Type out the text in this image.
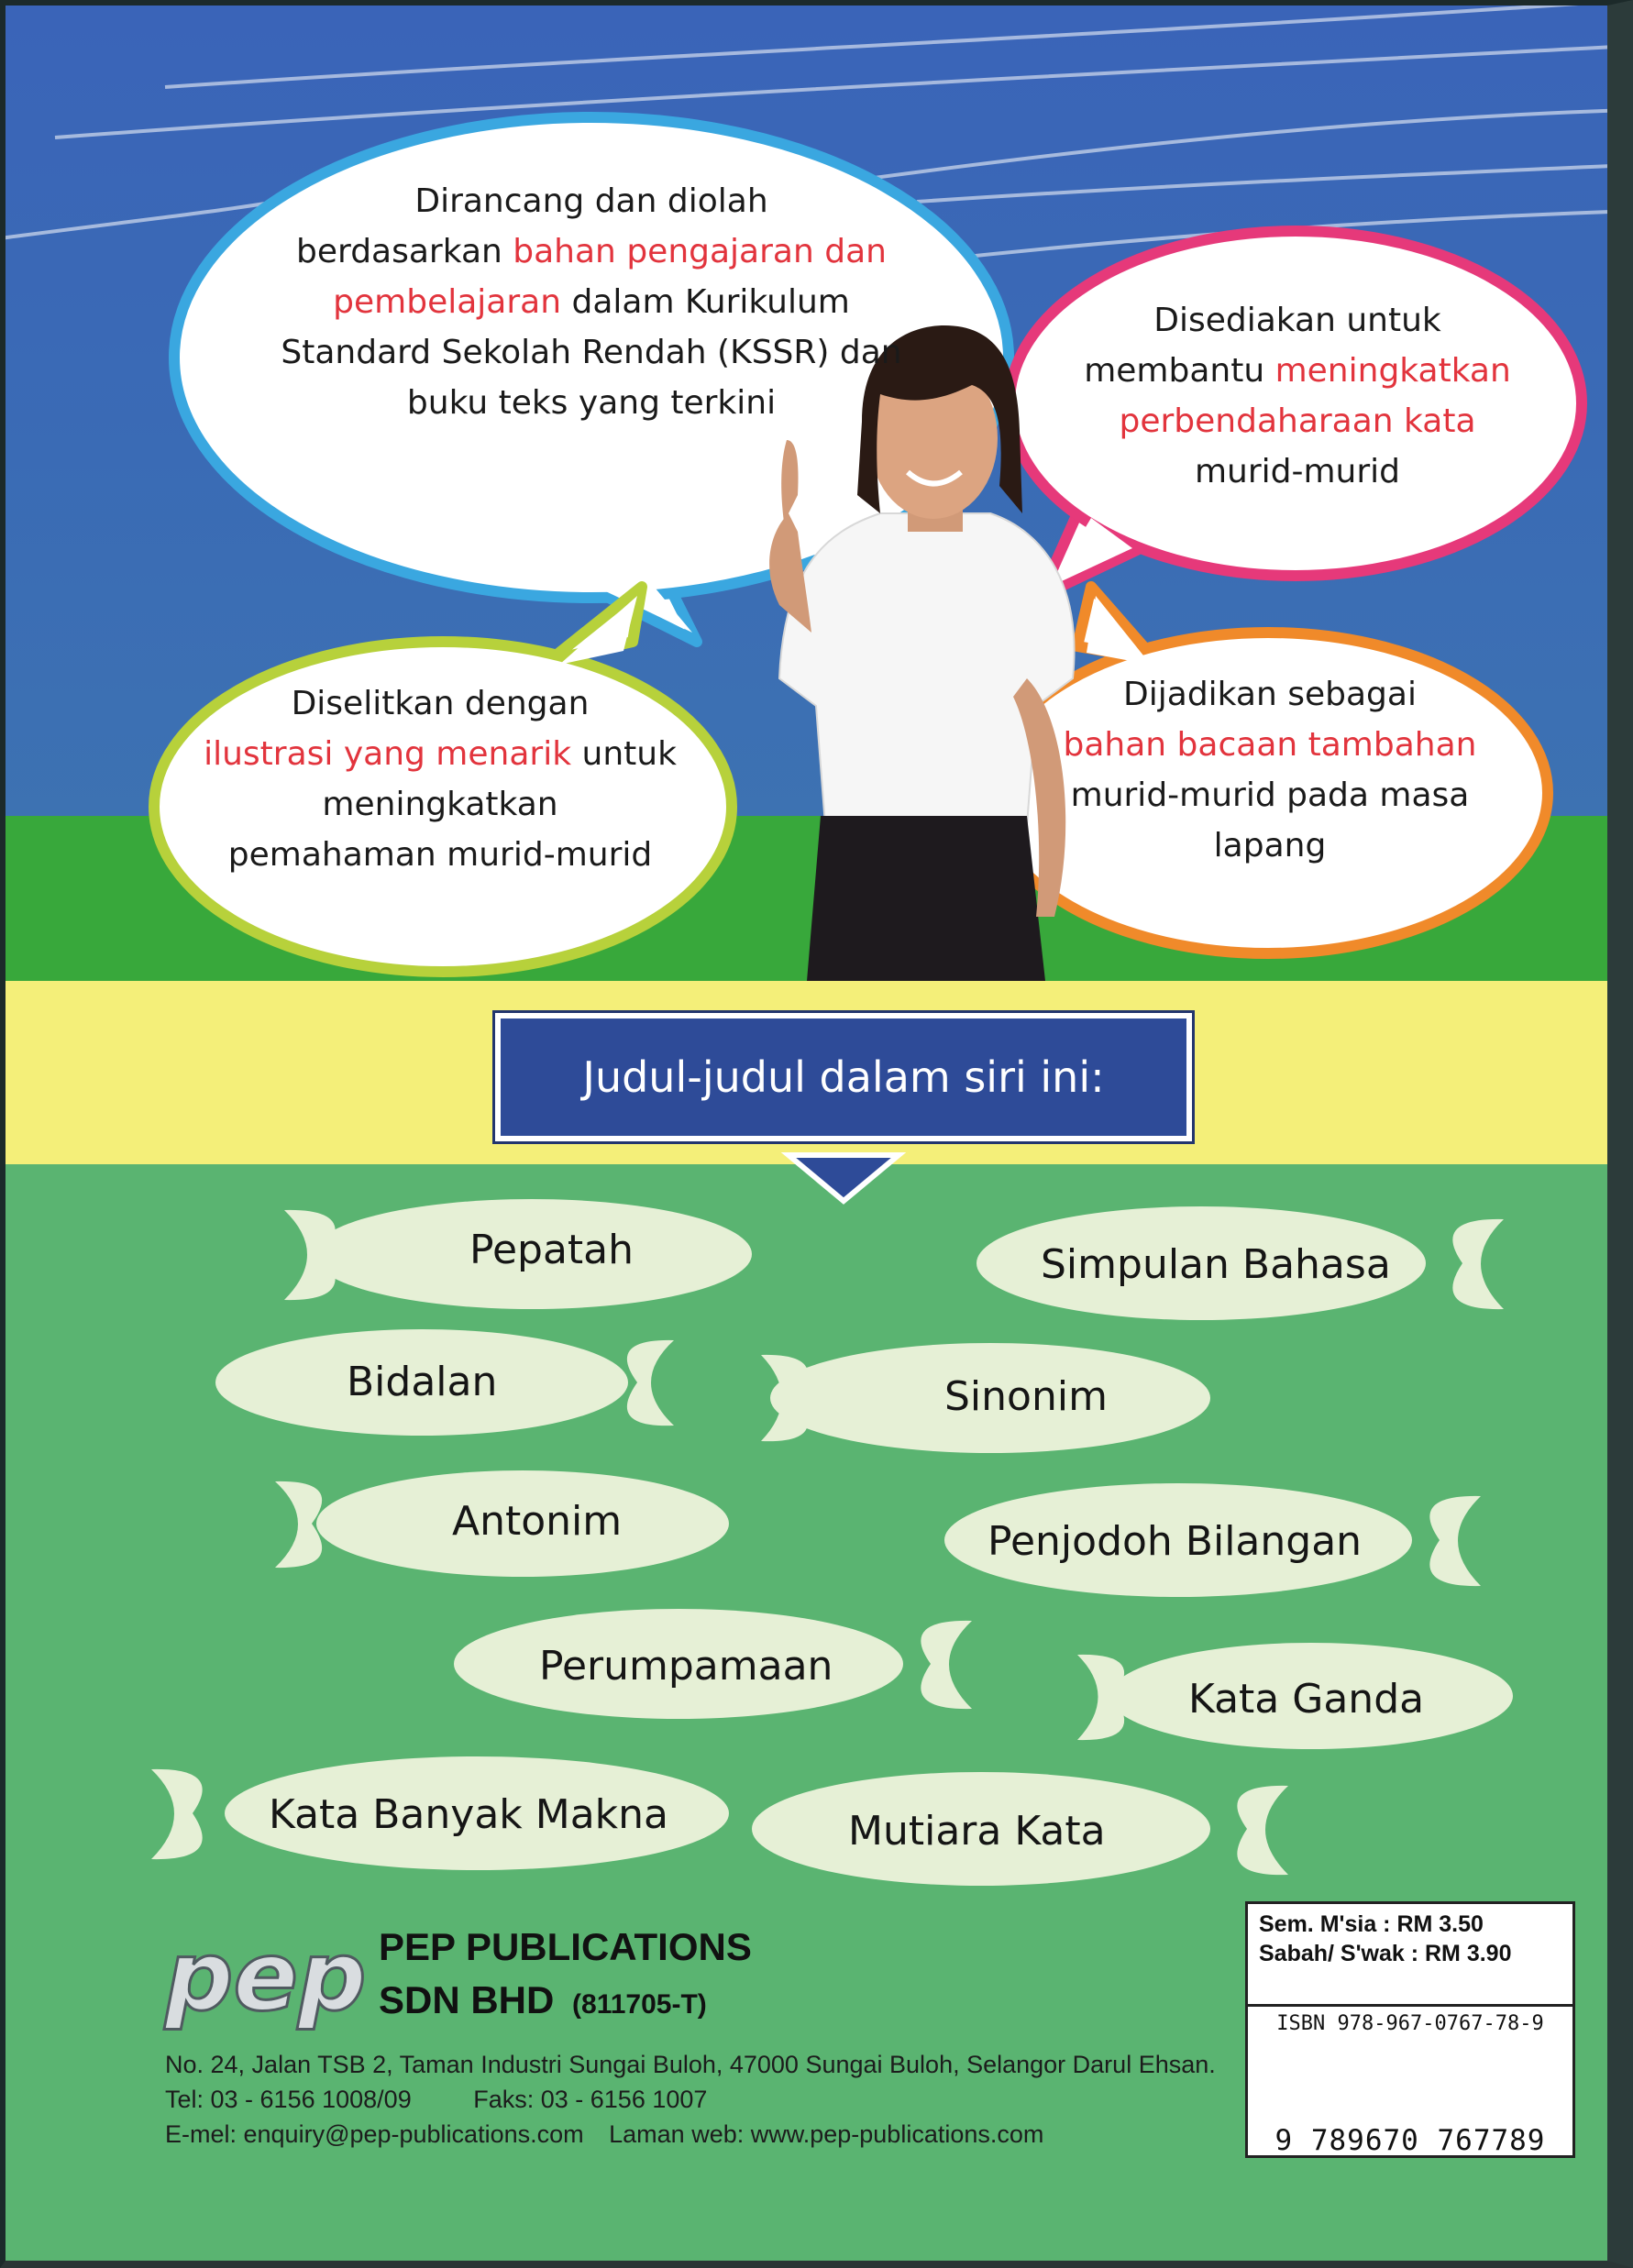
pep
Dirancang dan diolah
berdasarkan bahan pengajaran dan
pembelajaran dalam Kurikulum
Standard Sekolah Rendah (KSSR) dan
buku teks yang terkini
Disediakan untuk
membantu meningkatkan
perbendaharaan kata
murid-murid
Diselitkan dengan
ilustrasi yang menarik untuk
meningkatkan
pemahaman murid-murid
Dijadikan sebagai
bahan bacaan tambahan
murid-murid pada masa
lapang
Judul-judul dalam siri ini:
Pepatah	Simpulan Bahasa
Bidalan	Sinonim
Antonim	Penjodoh Bilangan
Perumpamaan
Kata Ganda
Kata Banyak Makna	Mutiara Kata
PEP PUBLICATIONS
SDN BHD (811705-T)
No. 24, Jalan TSB 2, Taman Industri Sungai Buloh, 47000 Sungai Buloh, Selangor Darul Ehsan.
Tel: 03 - 6156 1008/09	Faks: 03 - 6156 1007
E-mel: enquiry@pep-publications.com Laman web: www.pep-publications.com
Sem. M'sia : RM 3.50
Sabah/ S'wak : RM 3.90
ISBN 978-967-0767-78-9
9 789670 767789
